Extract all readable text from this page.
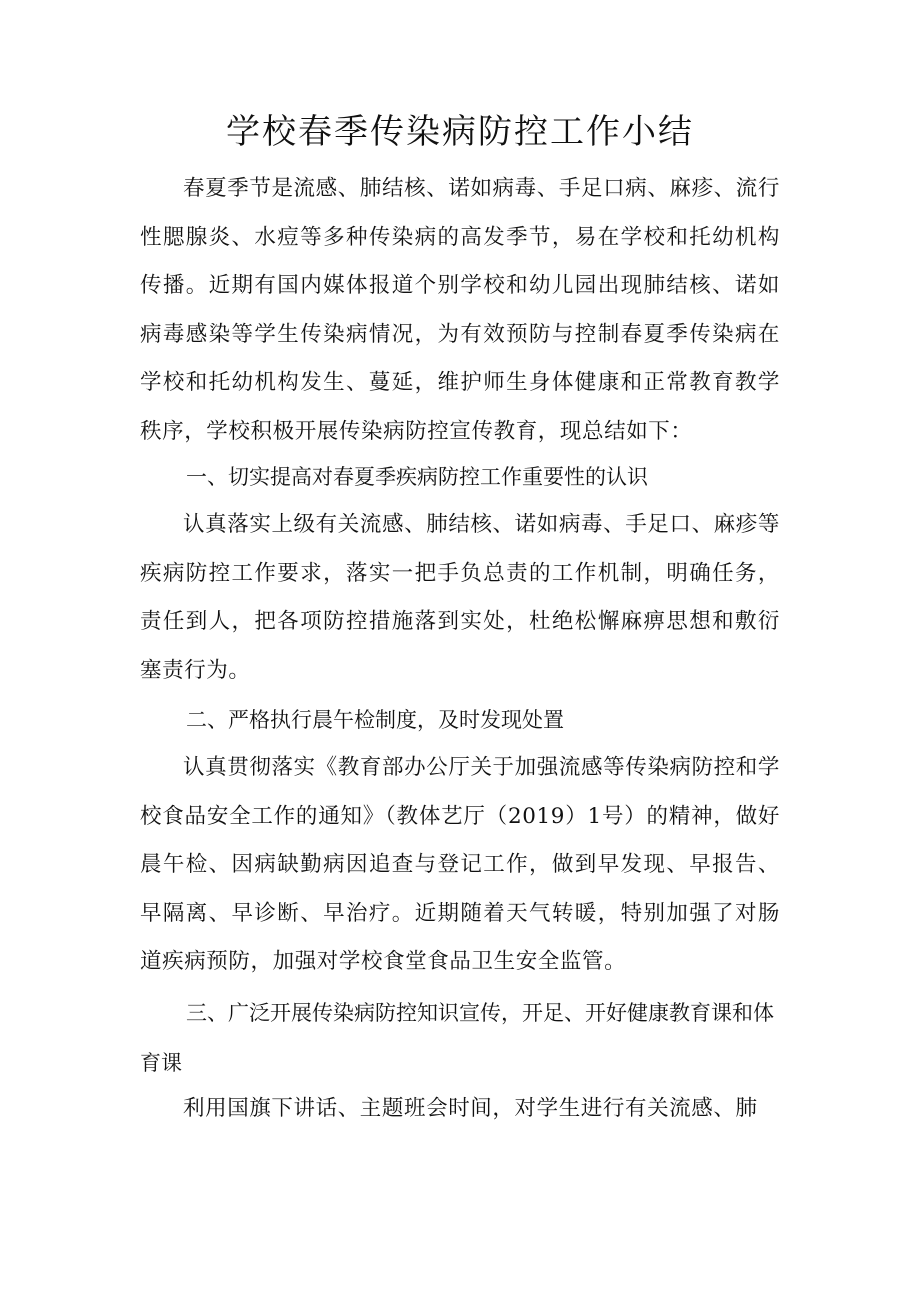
学校春季传染病防控工作小结

春夏季节是流感、肺结核、诺如病毒、手足口病、麻疹、流行性腮腺炎、水痘等多种传染病的高发季节，易在学校和托幼机构传播。近期有国内媒体报道个别学校和幼儿园出现肺结核、诺如病毒感染等学生传染病情况，为有效预防与控制春夏季传染病在学校和托幼机构发生、蔓延，维护师生身体健康和正常教育教学秩序，学校积极开展传染病防控宣传教育，现总结如下：

一、切实提高对春夏季疾病防控工作重要性的认识

认真落实上级有关流感、肺结核、诺如病毒、手足口、麻疹等疾病防控工作要求，落实一把手负总责的工作机制，明确任务，责任到人，把各项防控措施落到实处，杜绝松懈麻痹思想和敷衍塞责行为。

二、严格执行晨午检制度，及时发现处置

认真贯彻落实《教育部办公厅关于加强流感等传染病防控和学校食品安全工作的通知》（教体艺厅（2019）1号）的精神，做好晨午检、因病缺勤病因追查与登记工作，做到早发现、早报告、早隔离、早诊断、早治疗。近期随着天气转暖，特别加强了对肠道疾病预防，加强对学校食堂食品卫生安全监管。

三、广泛开展传染病防控知识宣传，开足、开好健康教育课和体育课

利用国旗下讲话、主题班会时间，对学生进行有关流感、肺
